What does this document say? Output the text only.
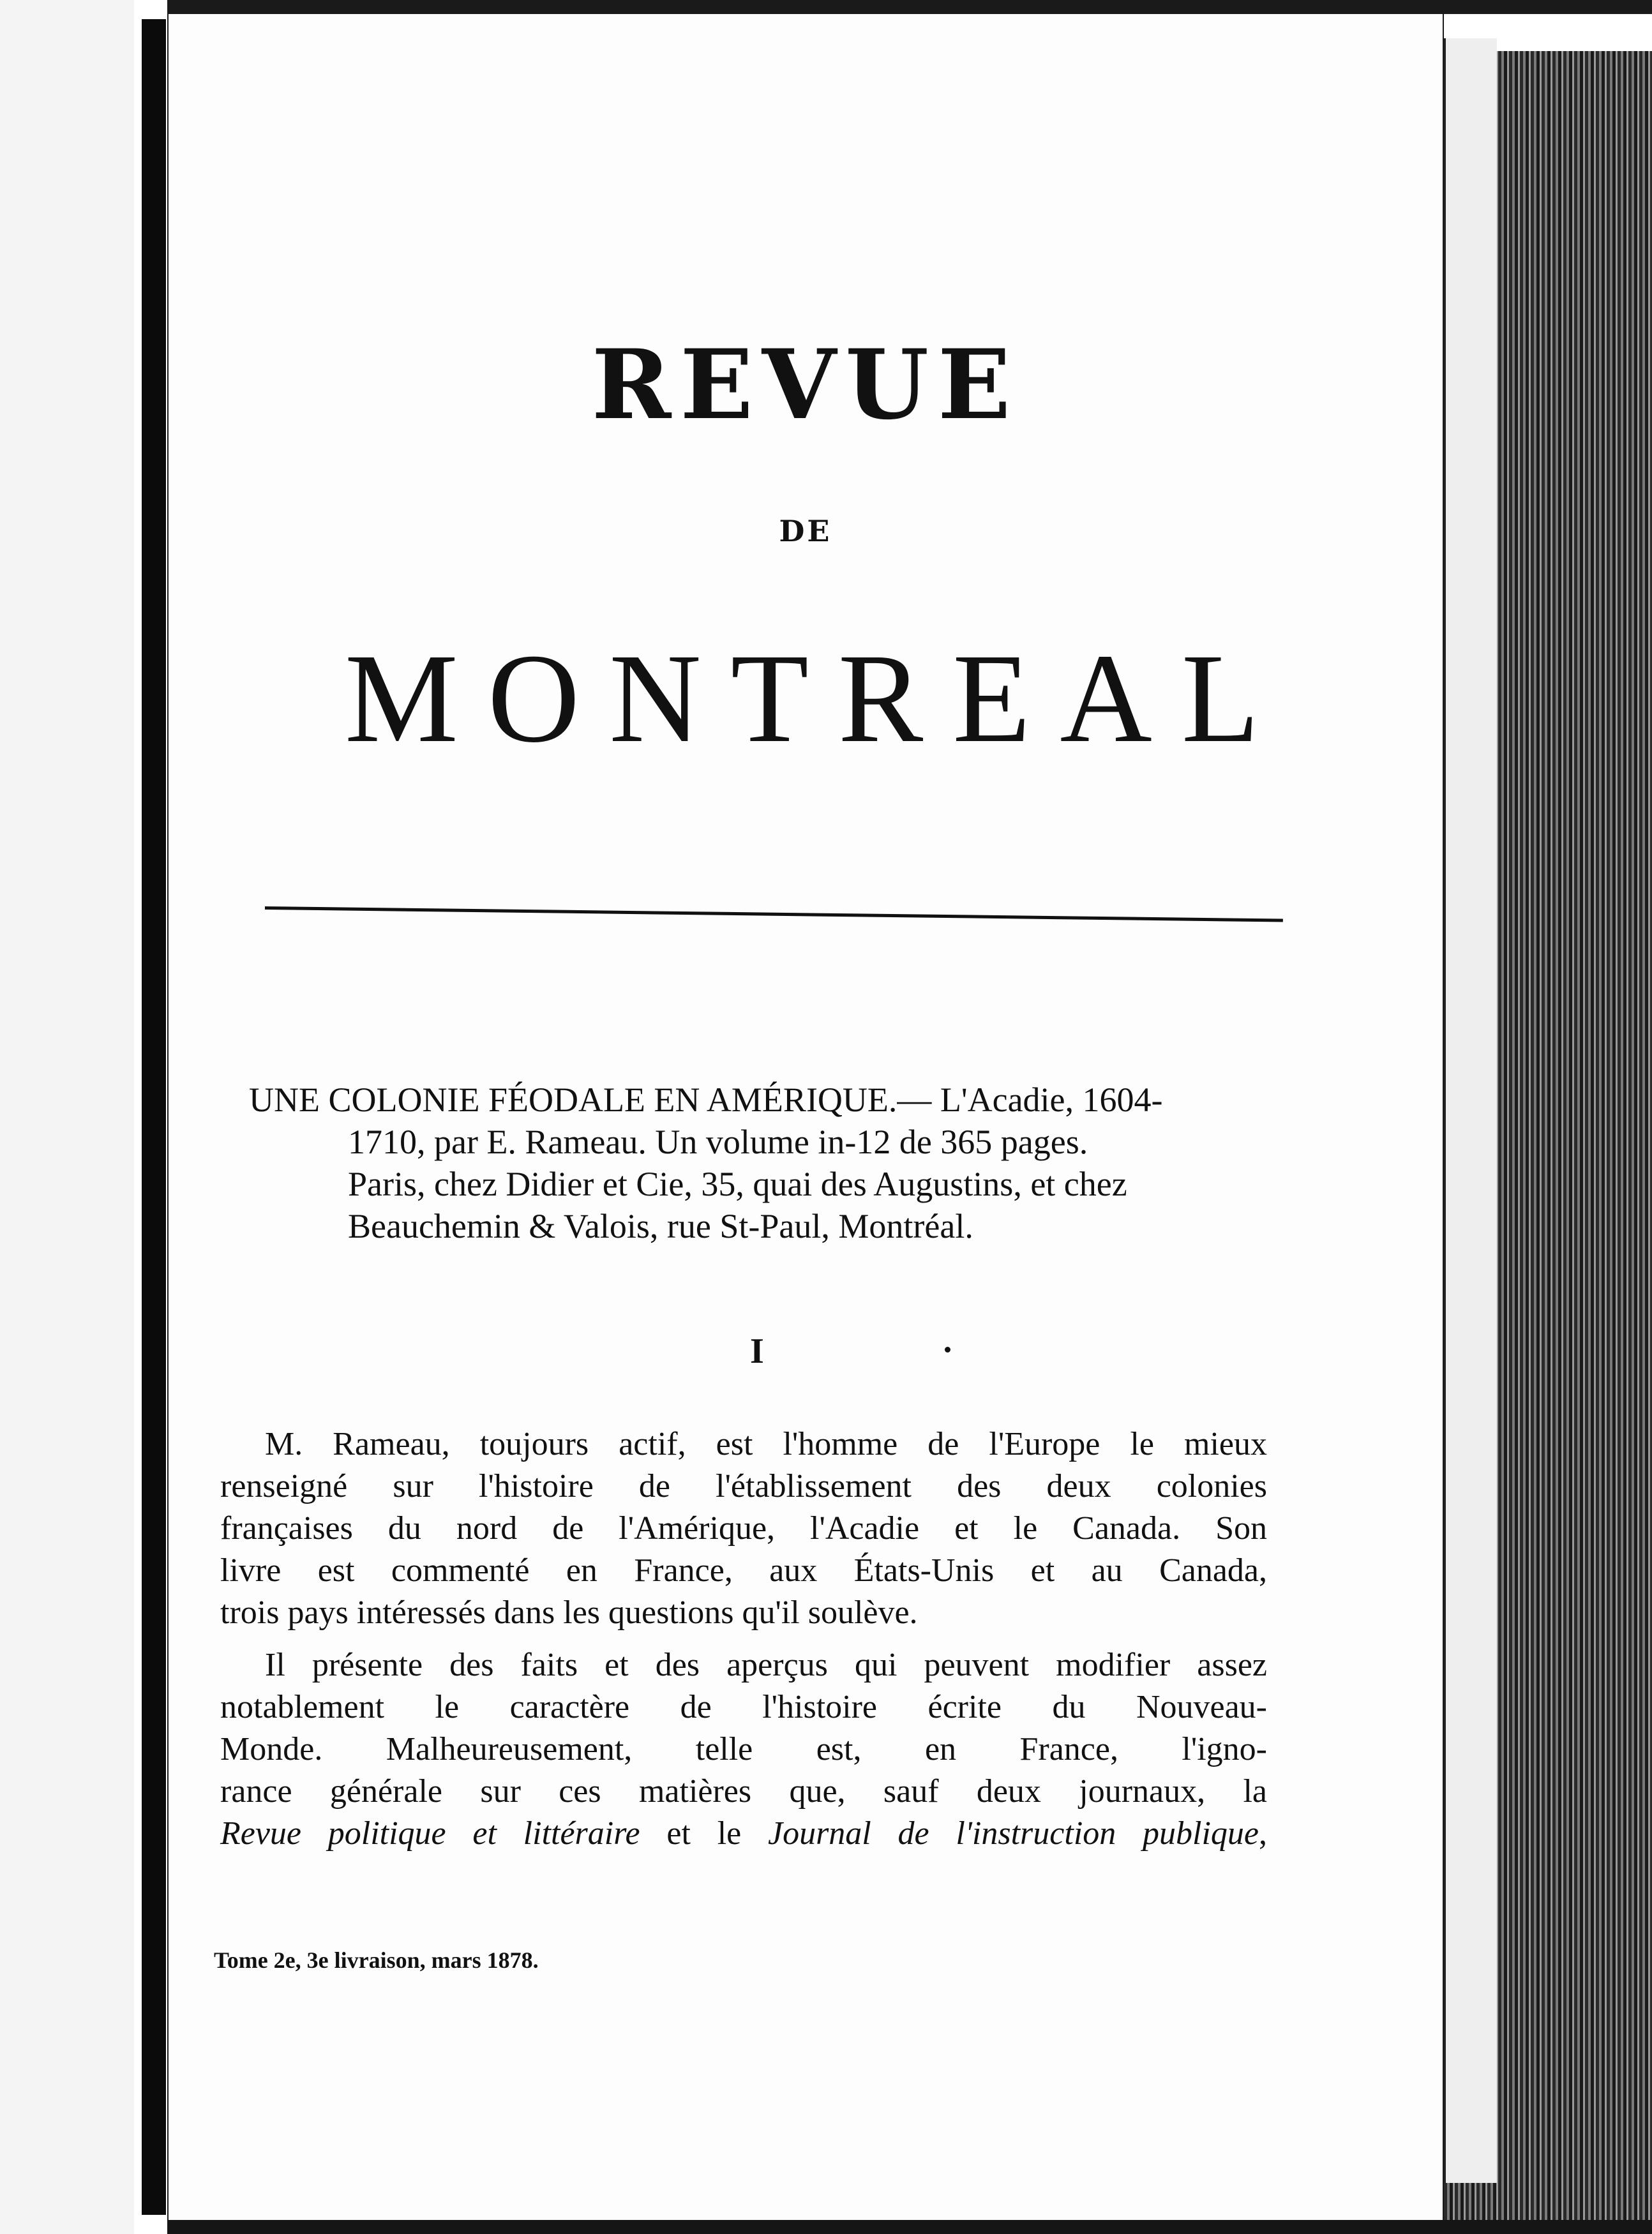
REVUE
DE
MONTREAL
UNE COLONIE FÉODALE EN AMÉRIQUE.— L'Acadie, 1604-
1710, par E. Rameau. Un volume in-12 de 365 pages.
Paris, chez Didier et Cie, 35, quai des Augustins, et chez
Beauchemin & Valois, rue St-Paul, Montréal.
I
M. Rameau, toujours actif, est l'homme de l'Europe le mieux
renseigné sur l'histoire de l'établissement des deux colonies
françaises du nord de l'Amérique, l'Acadie et le Canada. Son
livre est commenté en France, aux États-Unis et au Canada,
trois pays intéressés dans les questions qu'il soulève.
Il présente des faits et des aperçus qui peuvent modifier assez
notablement le caractère de l'histoire écrite du Nouveau-
Monde. Malheureusement, telle est, en France, l'igno-
rance générale sur ces matières que, sauf deux journaux, la
Revue politique et littéraire et le Journal de l'instruction publique,
Tome 2e, 3e livraison, mars 1878.
